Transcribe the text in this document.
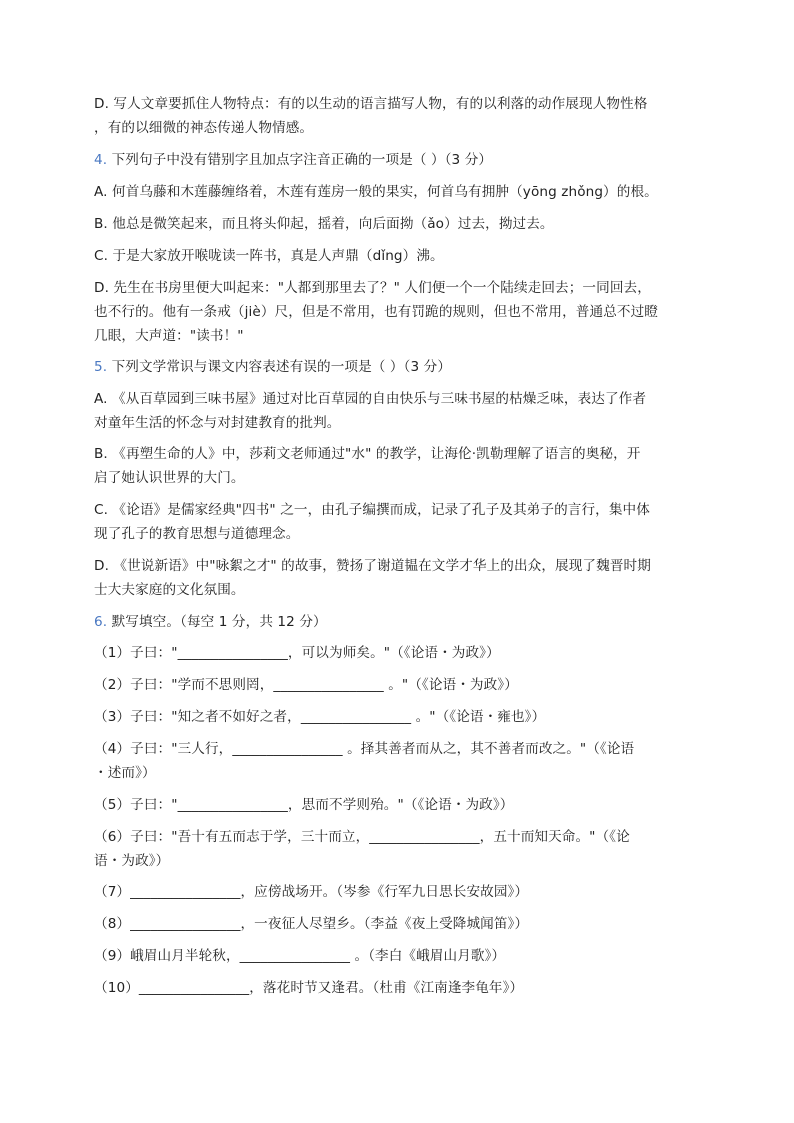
D. 写人文章要抓住人物特点：有的以生动的语言描写人物，有的以利落的动作展现人物性格
，有的以细微的神态传递人物情感。
4. 下列句子中没有错别字且加点字注音正确的一项是（ ）（3 分）
A. 何首乌藤和木莲藤缠络着，木莲有莲房一般的果实，何首乌有拥肿（yōng zhǒng）的根。
B. 他总是微笑起来，而且将头仰起，摇着，向后面拗（ǎo）过去，拗过去。
C. 于是大家放开喉咙读一阵书，真是人声鼎（dǐng）沸。
D. 先生在书房里便大叫起来："人都到那里去了？" 人们便一个一个陆续走回去；一同回去，
也不行的。他有一条戒（jiè）尺，但是不常用，也有罚跪的规则，但也不常用，普通总不过瞪
几眼，大声道："读书！"
5. 下列文学常识与课文内容表述有误的一项是（ ）（3 分）
A. 《从百草园到三味书屋》通过对比百草园的自由快乐与三味书屋的枯燥乏味，表达了作者
对童年生活的怀念与对封建教育的批判。
B. 《再塑生命的人》中，莎莉文老师通过"水" 的教学，让海伦·凯勒理解了语言的奥秘，开
启了她认识世界的大门。
C. 《论语》是儒家经典"四书" 之一，由孔子编撰而成，记录了孔子及其弟子的言行，集中体
现了孔子的教育思想与道德理念。
D. 《世说新语》中"咏絮之才" 的故事，赞扬了谢道韫在文学才华上的出众，展现了魏晋时期
士大夫家庭的文化氛围。
6. 默写填空。（每空 1 分，共 12 分）
（1）子曰："________________，可以为师矣。"（《论语・为政》）
（2）子曰："学而不思则罔，________________ 。"（《论语・为政》）
（3）子曰："知之者不如好之者，________________ 。"（《论语・雍也》）
（4）子曰："三人行，________________ 。择其善者而从之，其不善者而改之。"（《论语
・述而》）
（5）子曰："________________，思而不学则殆。"（《论语・为政》）
（6）子曰："吾十有五而志于学，三十而立，________________，五十而知天命。"（《论
语・为政》）
（7）________________，应傍战场开。（岑参《行军九日思长安故园》）
（8）________________，一夜征人尽望乡。（李益《夜上受降城闻笛》）
（9）峨眉山月半轮秋，________________ 。（李白《峨眉山月歌》）
（10）________________，落花时节又逢君。（杜甫《江南逢李龟年》）
